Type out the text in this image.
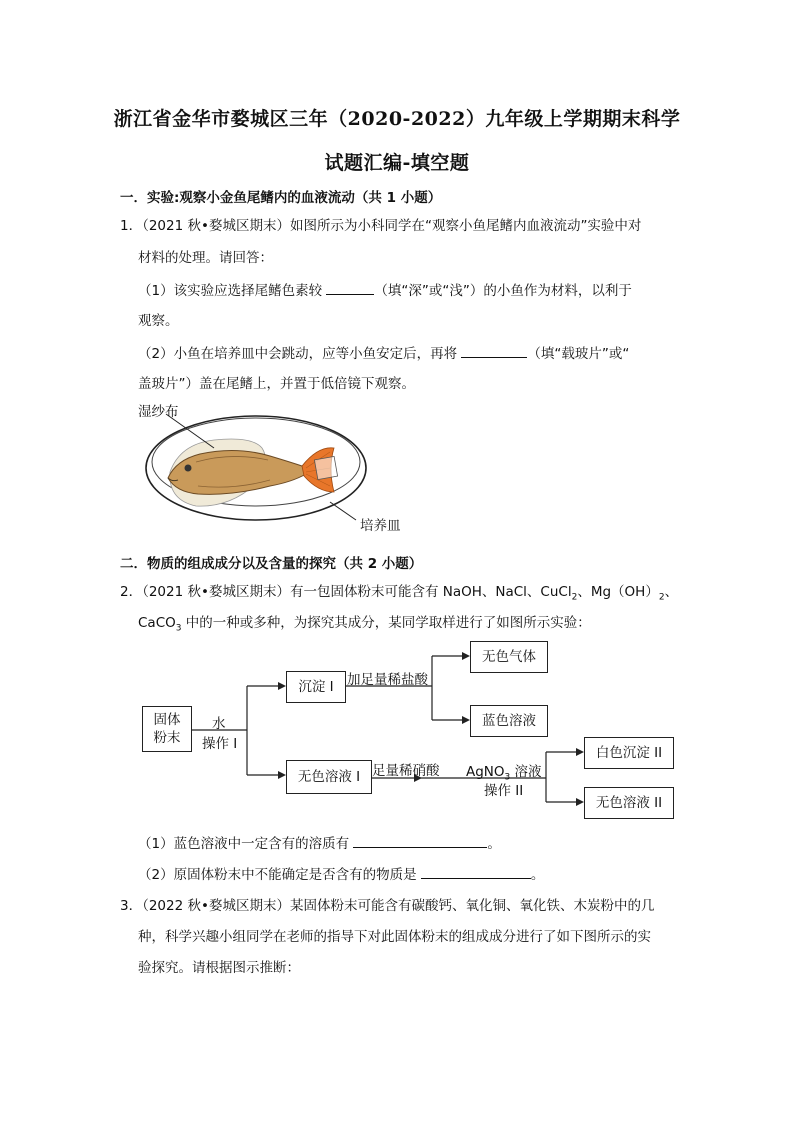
浙江省金华市婺城区三年（2020-2022）九年级上学期期末科学
试题汇编-填空题
一．实验:观察小金鱼尾鳍内的血液流动（共 1 小题）
1．（2021 秋•婺城区期末）如图所示为小科同学在“观察小鱼尾鳍内血液流动”实验中对
材料的处理。请回答：
（1）该实验应选择尾鳍色素较	（填“深”或“浅”）的小鱼作为材料，以利于
观察。
（2）小鱼在培养皿中会跳动，应等小鱼安定后，再将	（填“载玻片”或“
盖玻片”）盖在尾鳍上，并置于低倍镜下观察。
湿纱布
培养皿
二．物质的组成成分以及含量的探究（共 2 小题）
2．（2021 秋•婺城区期末）有一包固体粉末可能含有 NaOH、NaCl、CuCl$_2$、$Mg(OH)_2$、
CaCO$_3$ 中的一种或多种，为探究其成分，某同学取样进行了如图所示实验：
固体
粉末
水
操作 I
沉淀 I 加足量稀盐酸
无色气体
蓝色溶液
无色溶液 I 足量稀硝酸 AgNO$_3$ 溶液
操作 II
白色沉淀 II
无色溶液 II
（1）蓝色溶液中一定含有的溶质有	。
（2）原固体粉末中不能确定是否含有的物质是	。
3．（2022 秋•婺城区期末）某固体粉末可能含有碳酸钙、氧化铜、氧化铁、木炭粉中的几
种，科学兴趣小组同学在老师的指导下对此固体粉末的组成成分进行了如下图所示的实
验探究。请根据图示推断：
